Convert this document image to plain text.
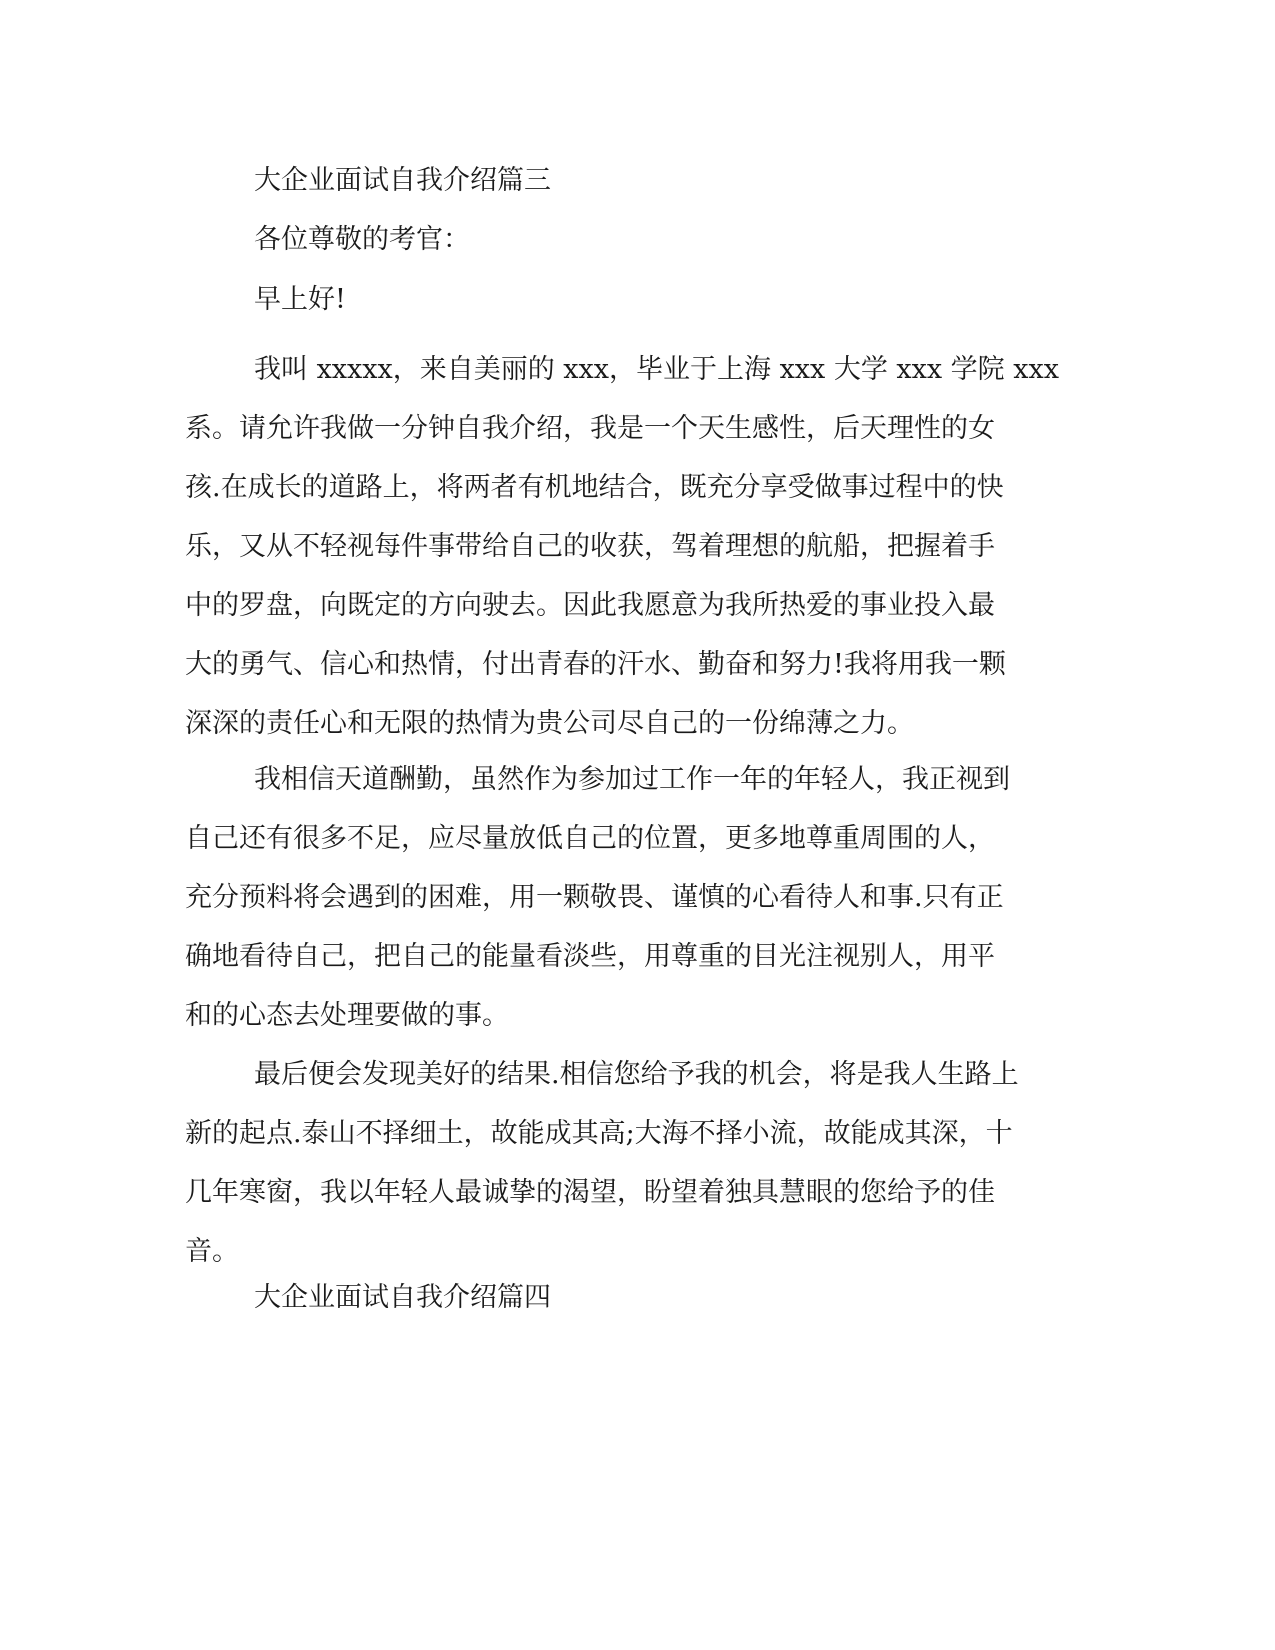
大企业面试自我介绍篇三

各位尊敬的考官：

早上好!

我叫 xxxxx，来自美丽的 xxx，毕业于上海 xxx 大学 xxx 学院 xxx
系。请允许我做一分钟自我介绍，我是一个天生感性，后天理性的女
孩.在成长的道路上，将两者有机地结合，既充分享受做事过程中的快
乐，又从不轻视每件事带给自己的收获，驾着理想的航船，把握着手
中的罗盘，向既定的方向驶去。因此我愿意为我所热爱的事业投入最
大的勇气、信心和热情，付出青春的汗水、勤奋和努力!我将用我一颗
深深的责任心和无限的热情为贵公司尽自己的一份绵薄之力。
我相信天道酬勤，虽然作为参加过工作一年的年轻人，我正视到
自己还有很多不足，应尽量放低自己的位置，更多地尊重周围的人，
充分预料将会遇到的困难，用一颗敬畏、谨慎的心看待人和事.只有正
确地看待自己，把自己的能量看淡些，用尊重的目光注视别人，用平
和的心态去处理要做的事。
最后便会发现美好的结果.相信您给予我的机会，将是我人生路上
新的起点.泰山不择细土，故能成其高;大海不择小流，故能成其深，十
几年寒窗，我以年轻人最诚挚的渴望，盼望着独具慧眼的您给予的佳
音。

大企业面试自我介绍篇四
